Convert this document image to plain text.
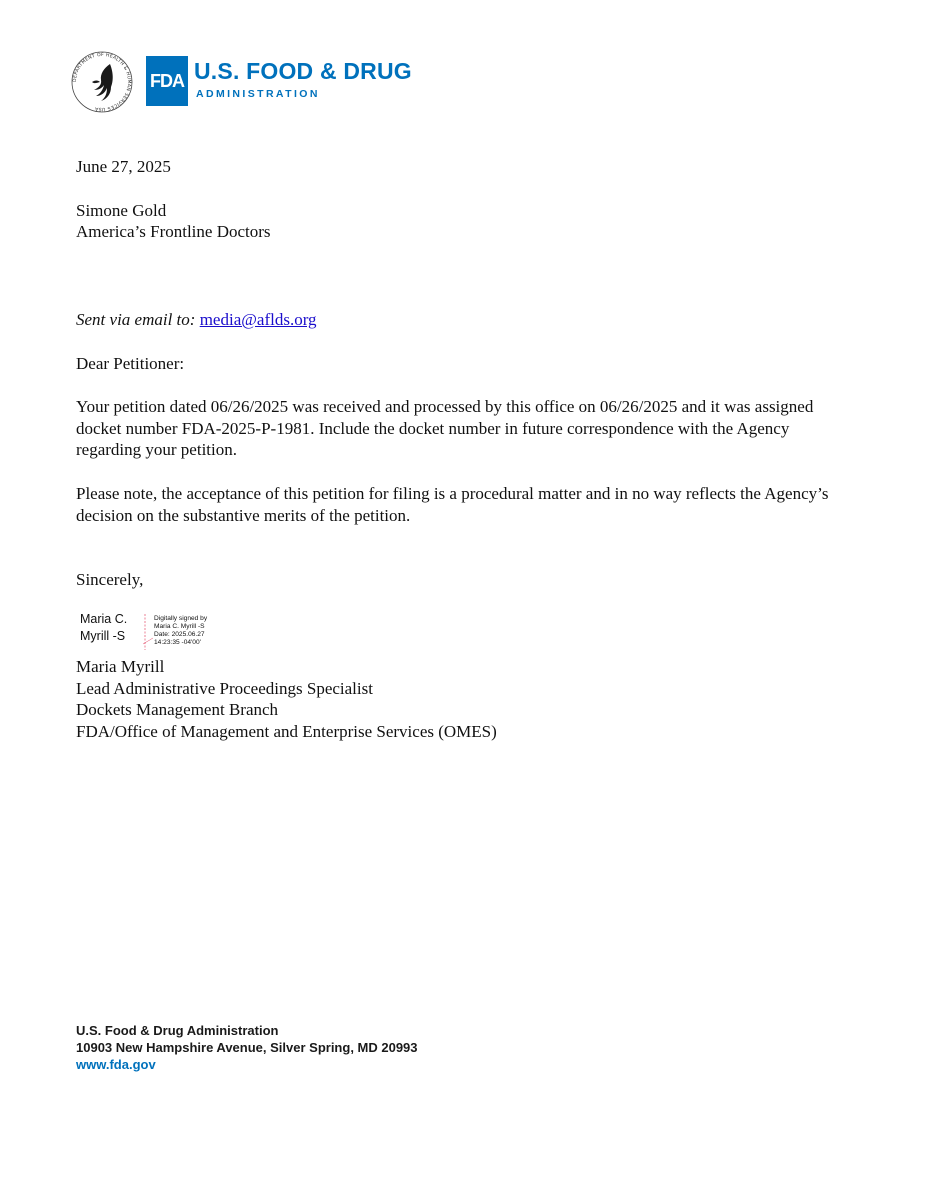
DEPARTMENT OF HEALTH & HUMAN SERVICES USA
FDA U.S. FOOD & DRUG
ADMINISTRATION
June 27, 2025
Simone Gold
America’s Frontline Doctors
Sent via email to: media@aflds.org
Dear Petitioner:
Your petition dated 06/26/2025 was received and processed by this office on 06/26/2025 and it was assigned docket number FDA-2025-P-1981. Include the docket number in future correspondence with the Agency regarding your petition.
Please note, the acceptance of this petition for filing is a procedural matter and in no way reflects the Agency’s decision on the substantive merits of the petition.
Sincerely,
Maria C.
Myrill -S
Digitally signed by
Maria C. Myrill -S
Date: 2025.06.27
14:23:35 -04'00'
Maria Myrill
Lead Administrative Proceedings Specialist
Dockets Management Branch
FDA/Office of Management and Enterprise Services (OMES)
U.S. Food & Drug Administration
10903 New Hampshire Avenue, Silver Spring, MD 20993
www.fda.gov
